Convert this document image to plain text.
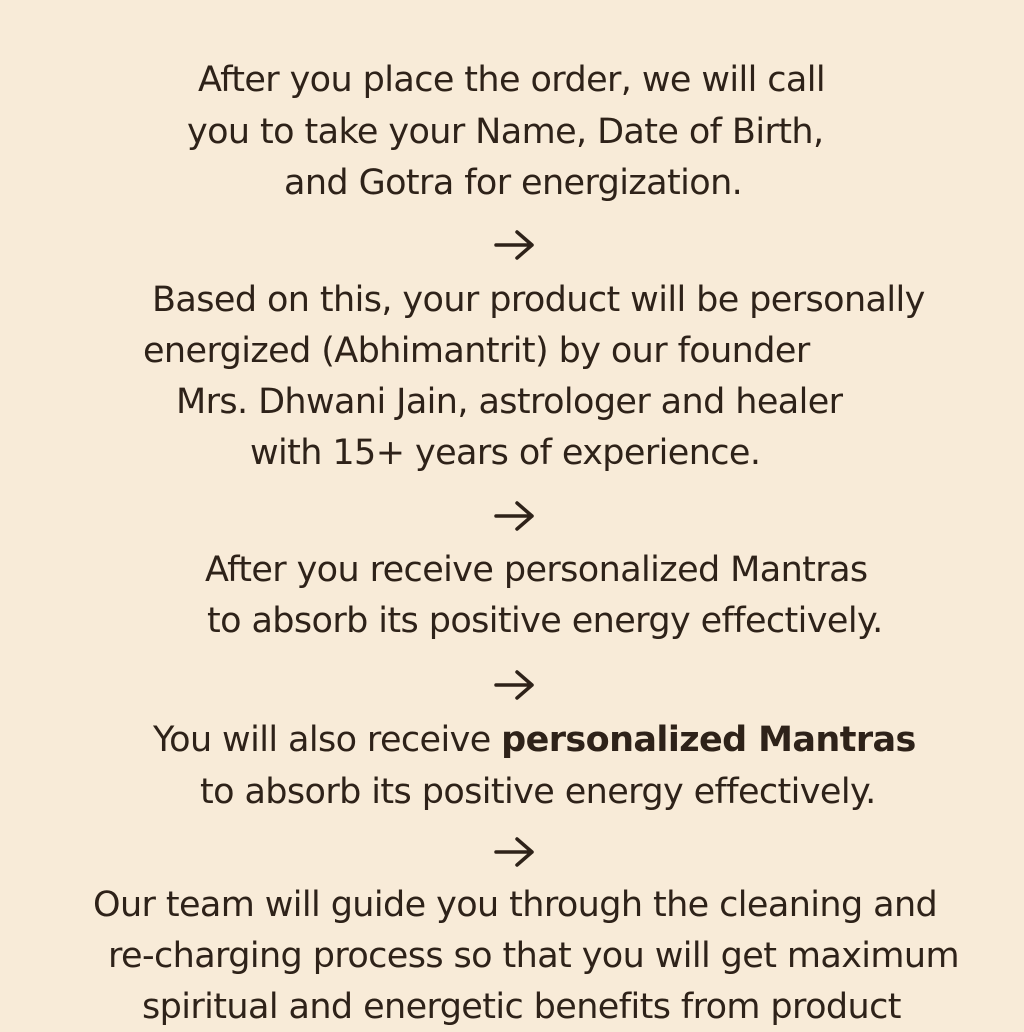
After you place the order, we will call
you to take your Name, Date of Birth,
and Gotra for energization.
Based on this, your product will be personally
energized (Abhimantrit) by our founder
Mrs. Dhwani Jain, astrologer and healer
with 15+ years of experience.
After you receive personalized Mantras
to absorb its positive energy effectively.
You will also receive personalized Mantras
to absorb its positive energy effectively.
Our team will guide you through the cleaning and
re-charging process so that you will get maximum
spiritual and energetic benefits from product
